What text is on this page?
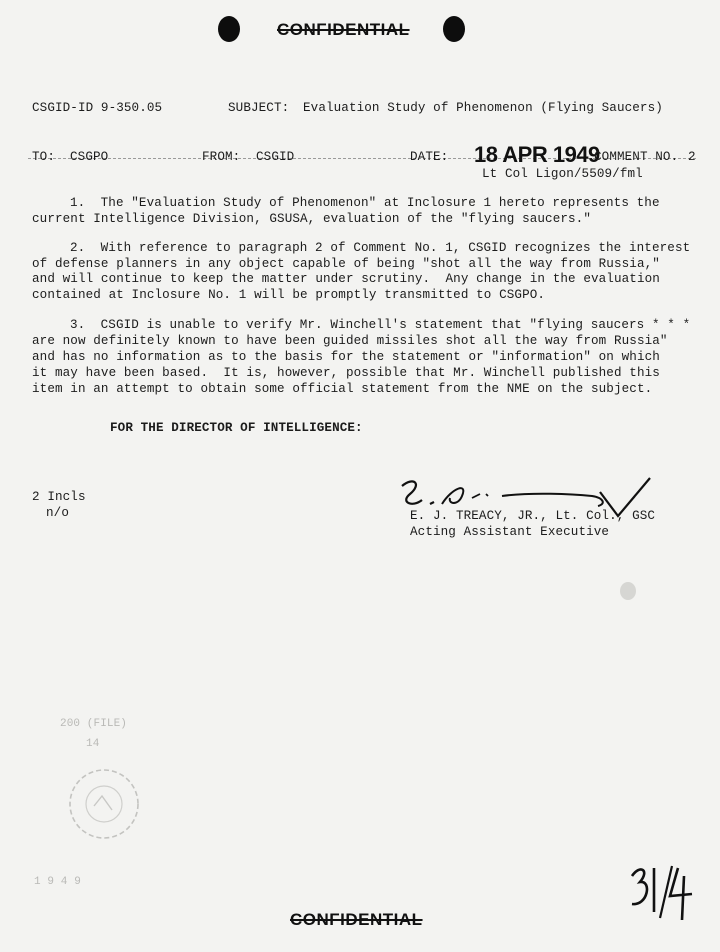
CONFIDENTIAL
CSGID-ID 9-350.05	SUBJECT: Evaluation Study of Phenomenon (Flying Saucers)
TO: CSGPO	FROM: CSGID	DATE: 18 APR 1949
COMMENT NO. 2
Lt Col Ligon/5509/fml
1.  The "Evaluation Study of Phenomenon" at Inclosure 1 hereto represents the
current Intelligence Division, GSUSA, evaluation of the "flying saucers."
2.  With reference to paragraph 2 of Comment No. 1, CSGID recognizes the interest
of defense planners in any object capable of being "shot all the way from Russia,"
and will continue to keep the matter under scrutiny.  Any change in the evaluation
contained at Inclosure No. 1 will be promptly transmitted to CSGPO.
3.  CSGID is unable to verify Mr. Winchell's statement that "flying saucers * * *
are now definitely known to have been guided missiles shot all the way from Russia"
and has no information as to the basis for the statement or "information" on which
it may have been based.  It is, however, possible that Mr. Winchell published this
item in an attempt to obtain some official statement from the NME on the subject.
FOR THE DIRECTOR OF INTELLIGENCE:
2 Incls
n/o	E. J. TREACY, JR., Lt. Col., GSC
Acting Assistant Executive
200 (FILE)
14
1 9 4 9
CONFIDENTIAL
